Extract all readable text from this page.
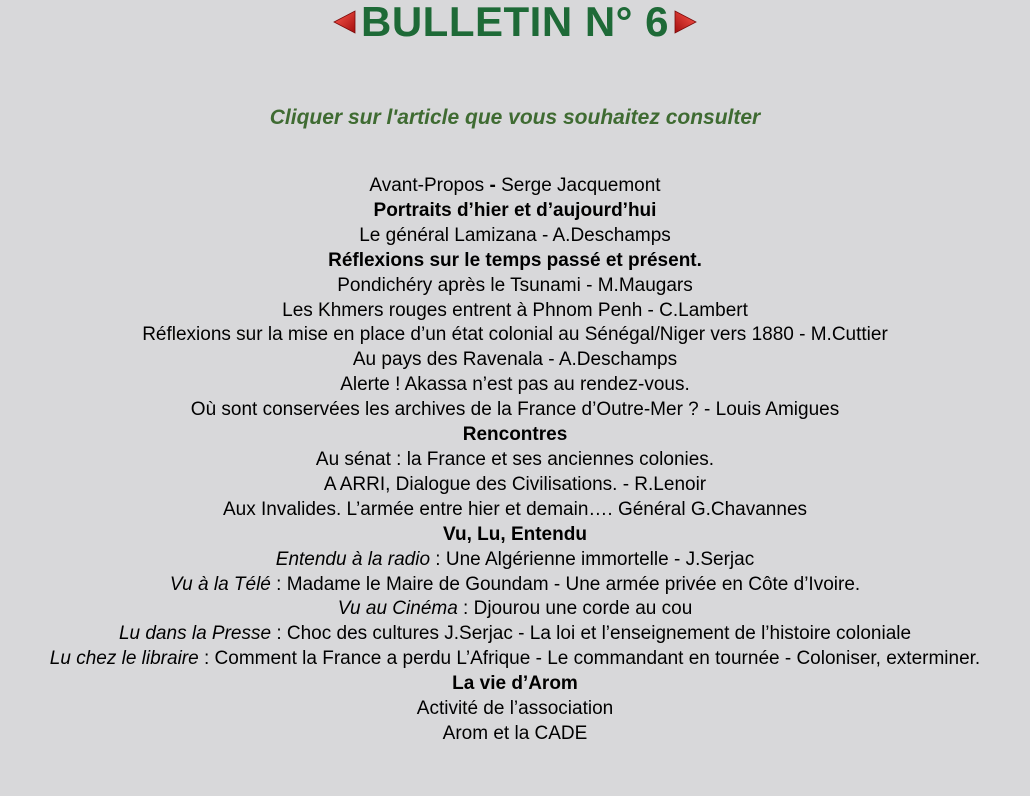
BULLETIN N° 6
Cliquer sur l'article que vous souhaitez consulter
Avant-Propos - Serge Jacquemont
Portraits d’hier et d’aujourd’hui
Le général Lamizana - A.Deschamps
Réflexions sur le temps passé et présent.
Pondichéry après le Tsunami - M.Maugars
Les Khmers rouges entrent à Phnom Penh - C.Lambert
Réflexions sur la mise en place d’un état colonial au Sénégal/Niger vers 1880 - M.Cuttier
Au pays des Ravenala - A.Deschamps
Alerte ! Akassa n’est pas au rendez-vous.
Où sont conservées les archives de la France d’Outre-Mer ? - Louis Amigues
Rencontres
Au sénat : la France et ses anciennes colonies.
A ARRI, Dialogue des Civilisations. - R.Lenoir
Aux Invalides. L’armée entre hier et demain…. Général G.Chavannes
Vu, Lu, Entendu
Entendu à la radio : Une Algérienne immortelle - J.Serjac
Vu à la Télé : Madame le Maire de Goundam - Une armée privée en Côte d’Ivoire.
Vu au Cinéma : Djourou une corde au cou
Lu dans la Presse : Choc des cultures J.Serjac - La loi et l’enseignement de l’histoire coloniale
Lu chez le libraire : Comment la France a perdu L’Afrique - Le commandant en tournée - Coloniser, exterminer.
La vie d’Arom
Activité de l’association
Arom et la CADE
